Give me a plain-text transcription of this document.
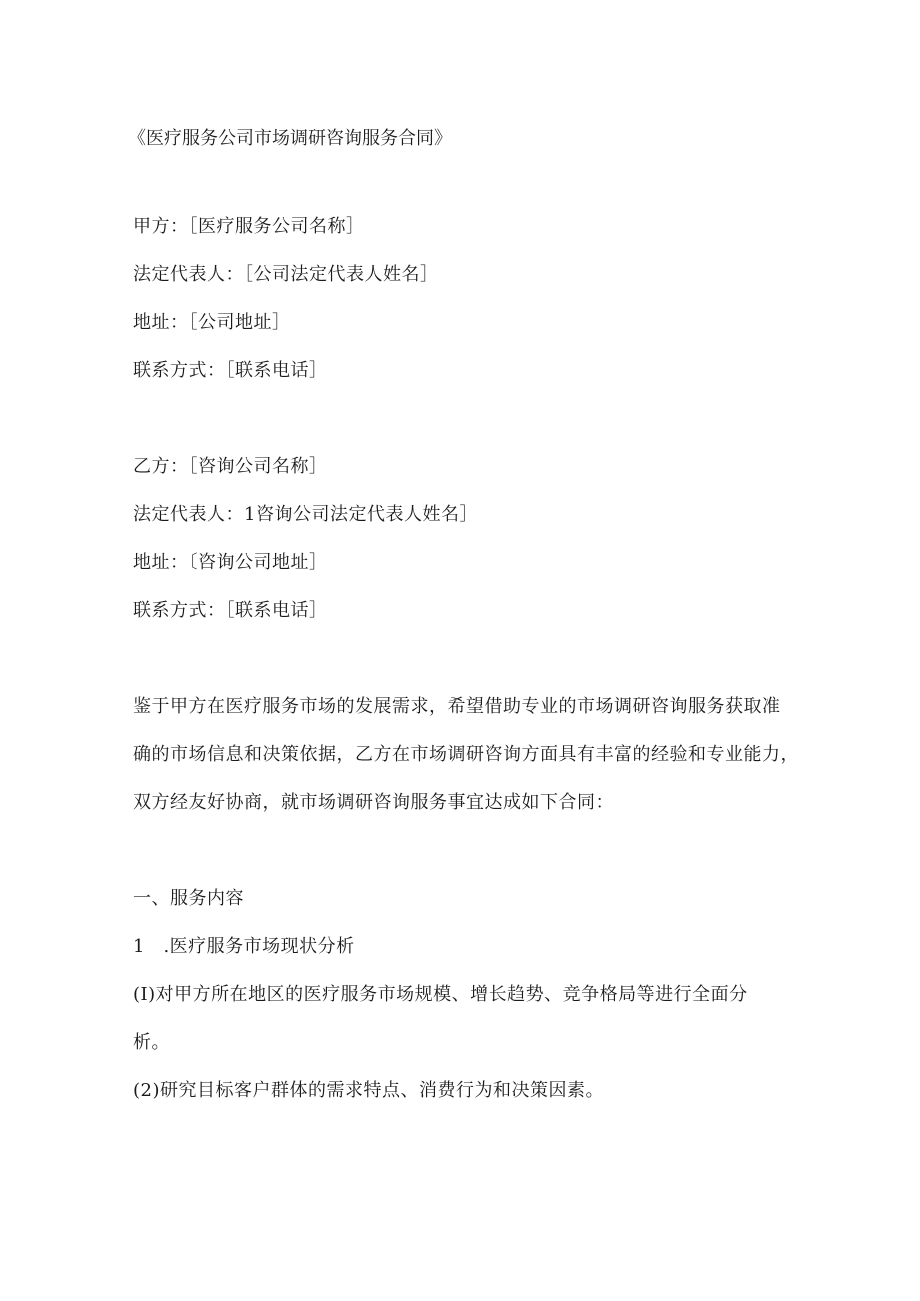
《医疗服务公司市场调研咨询服务合同》
甲方：［医疗服务公司名称］
法定代表人：［公司法定代表人姓名］
地址：［公司地址］
联系方式：［联系电话］
乙方：［咨询公司名称］
法定代表人：1咨询公司法定代表人姓名］
地址：〔咨询公司地址］
联系方式：［联系电话］
鉴于甲方在医疗服务市场的发展需求，希望借助专业的市场调研咨询服务获取准
确的市场信息和决策依据，乙方在市场调研咨询方面具有丰富的经验和专业能力，
双方经友好协商，就市场调研咨询服务事宜达成如下合同：
一、服务内容
1　.医疗服务市场现状分析
(I)对甲方所在地区的医疗服务市场规模、增长趋势、竞争格局等进行全面分
析。
(2)研究目标客户群体的需求特点、消费行为和决策因素。
